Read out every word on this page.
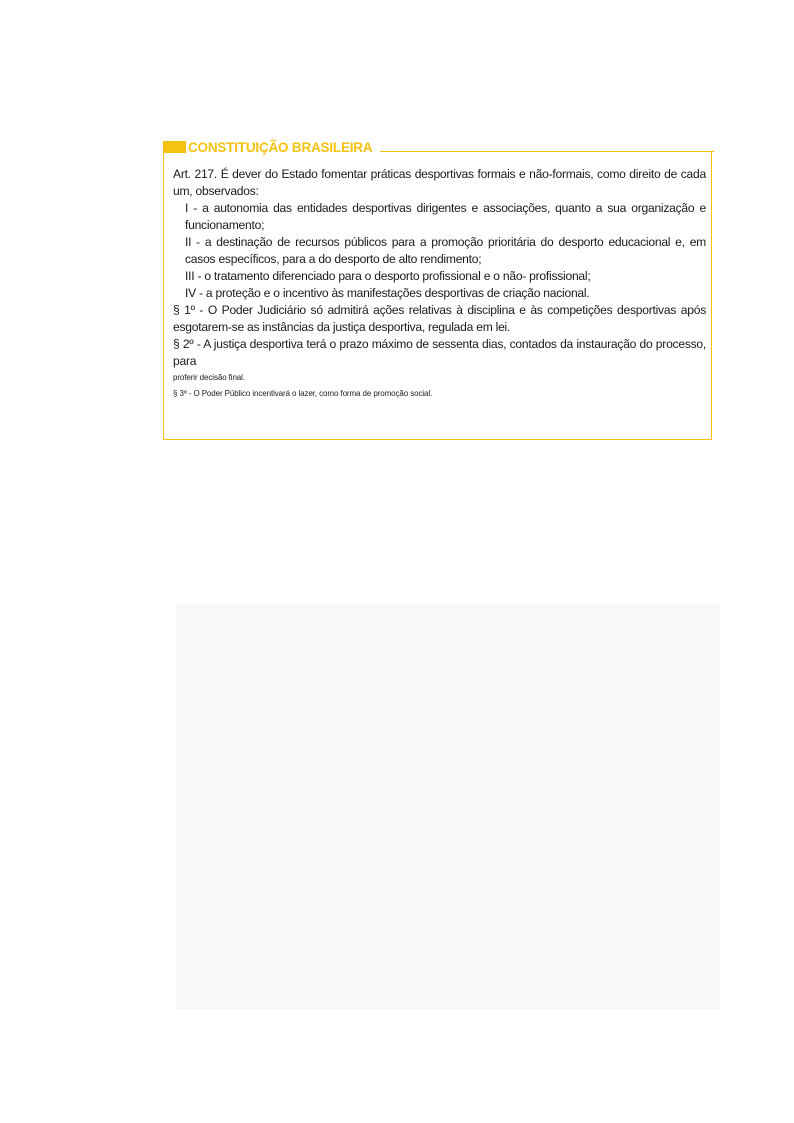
CONSTITUIÇÃO BRASILEIRA

Art. 217. É dever do Estado fomentar práticas desportivas formais e não-formais, como direito de cada um, observados:

I - a autonomia das entidades desportivas dirigentes e associações, quanto a sua organização e funcionamento;

II - a destinação de recursos públicos para a promoção prioritária do desporto educacional e, em casos específicos, para a do desporto de alto rendimento;

III - o tratamento diferenciado para o desporto profissional e o não- profissional;

IV - a proteção e o incentivo às manifestações desportivas de criação nacional.

§ 1º - O Poder Judiciário só admitirá ações relativas à disciplina e às competições desportivas após esgotarem-se as instâncias da justiça desportiva, regulada em lei.

§ 2º - A justiça desportiva terá o prazo máximo de sessenta dias, contados da instauração do processo, para

proferir decisão final.

§ 3º - O Poder Público incentivará o lazer, como forma de promoção social.
